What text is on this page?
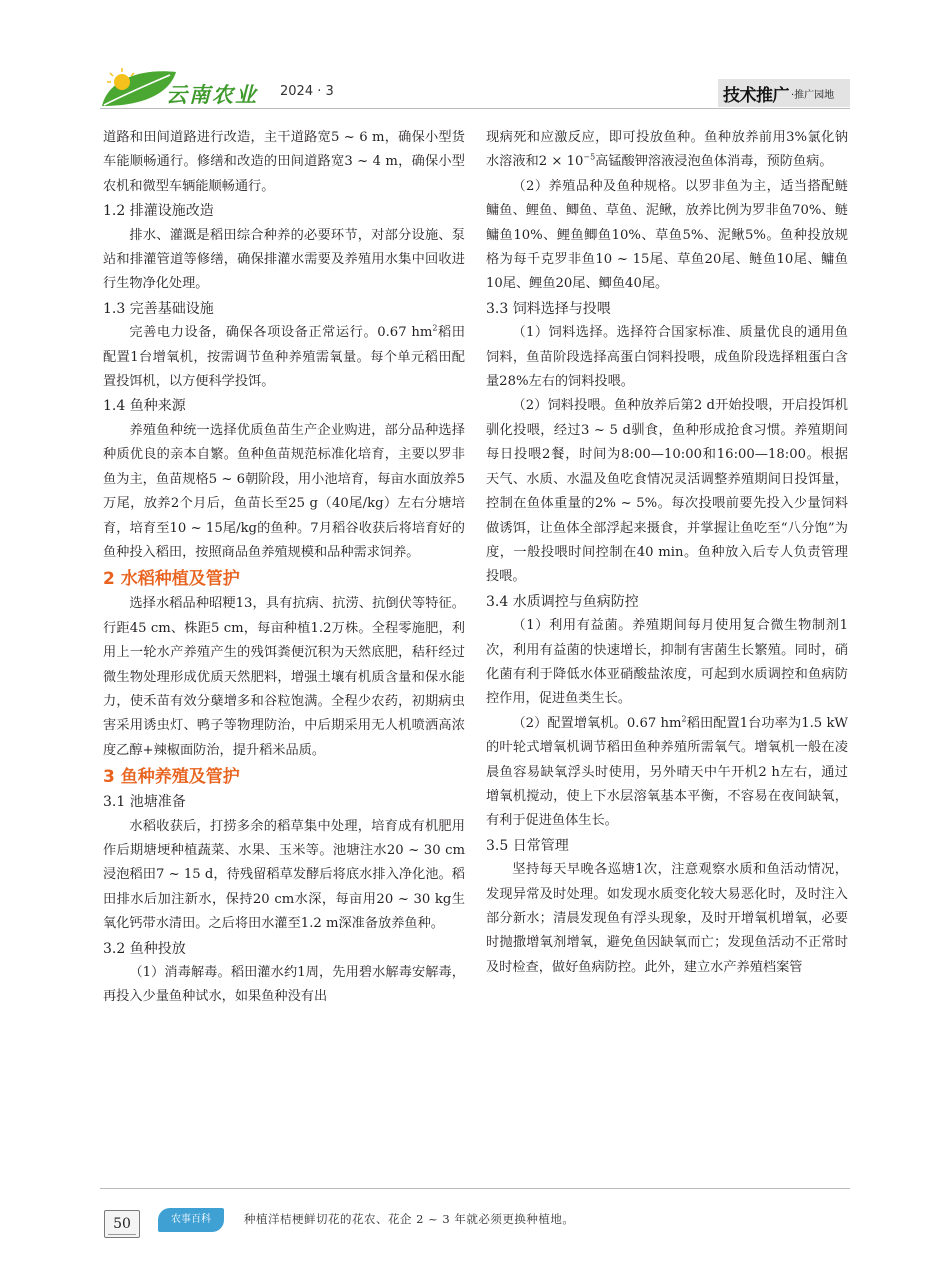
云南农业 2024 · 3	技术推广 ·推广园地

道路和田间道路进行改造，主干道路宽5 ~ 6 m，确保小型货车能顺畅通行。修缮和改造的田间道路宽3 ~ 4 m，确保小型农机和微型车辆能顺畅通行。

1.2 排灌设施改造

排水、灌溉是稻田综合种养的必要环节，对部分设施、泵站和排灌管道等修缮，确保排灌水需要及养殖用水集中回收进行生物净化处理。

1.3 完善基础设施

完善电力设备，确保各项设备正常运行。0.67 $hm^2$稻田配置1台增氧机，按需调节鱼种养殖需氧量。每个单元稻田配置投饵机，以方便科学投饵。

1.4 鱼种来源

养殖鱼种统一选择优质鱼苗生产企业购进，部分品种选择种质优良的亲本自繁。鱼种鱼苗规范标准化培育，主要以罗非鱼为主，鱼苗规格5 ~ 6朝阶段，用小池培育，每亩水面放养5万尾，放养2个月后，鱼苗长至25 g（40尾/kg）左右分塘培育，培育至10 ~ 15尾/kg的鱼种。7月稻谷收获后将培育好的鱼种投入稻田，按照商品鱼养殖规模和品种需求饲养。

2 水稻种植及管护

选择水稻品种昭粳13，具有抗病、抗涝、抗倒伏等特征。行距45 cm、株距5 cm，每亩种植1.2万株。全程零施肥，利用上一轮水产养殖产生的残饵粪便沉积为天然底肥，秸秆经过微生物处理形成优质天然肥料，增强土壤有机质含量和保水能力，使禾苗有效分蘖增多和谷粒饱满。全程少农药，初期病虫害采用诱虫灯、鸭子等物理防治，中后期采用无人机喷洒高浓度乙醇+辣椒面防治，提升稻米品质。

3 鱼种养殖及管护
3.1 池塘准备

水稻收获后，打捞多余的稻草集中处理，培育成有机肥用作后期塘埂种植蔬菜、水果、玉米等。池塘注水20 ~ 30 cm浸泡稻田7 ~ 15 d，待残留稻草发酵后将底水排入净化池。稻田排水后加注新水，保持20 cm水深，每亩用20 ~ 30 kg生氧化钙带水清田。之后将田水灌至1.2 m深准备放养鱼种。

3.2 鱼种投放

（1）消毒解毒。稻田灌水约1周，先用碧水解毒安解毒，再投入少量鱼种试水，如果鱼种没有出

现病死和应激反应，即可投放鱼种。鱼种放养前用3%氯化钠水溶液和$2 \times 10^{-5}$高锰酸钾溶液浸泡鱼体消毒，预防鱼病。

（2）养殖品种及鱼种规格。以罗非鱼为主，适当搭配鲢鳙鱼、鲤鱼、鲫鱼、草鱼、泥鳅，放养比例为罗非鱼70%、鲢鳙鱼10%、鲤鱼鲫鱼10%、草鱼5%、泥鳅5%。鱼种投放规格为每千克罗非鱼10 ~ 15尾、草鱼20尾、鲢鱼10尾、鳙鱼10尾、鲤鱼20尾、鲫鱼40尾。

3.3 饲料选择与投喂

（1）饲料选择。选择符合国家标准、质量优良的通用鱼饲料，鱼苗阶段选择高蛋白饲料投喂，成鱼阶段选择粗蛋白含量28%左右的饲料投喂。

（2）饲料投喂。鱼种放养后第2 d开始投喂，开启投饵机驯化投喂，经过3 ~ 5 d驯食，鱼种形成抢食习惯。养殖期间每日投喂2餐，时间为8:00—10:00和16:00—18:00。根据天气、水质、水温及鱼吃食情况灵活调整养殖期间日投饵量，控制在鱼体重量的2% ~ 5%。每次投喂前要先投入少量饲料做诱饵，让鱼体全部浮起来摄食，并掌握让鱼吃至“八分饱”为度，一般投喂时间控制在40 min。鱼种放入后专人负责管理投喂。

3.4 水质调控与鱼病防控

（1）利用有益菌。养殖期间每月使用复合微生物制剂1次，利用有益菌的快速增长，抑制有害菌生长繁殖。同时，硝化菌有利于降低水体亚硝酸盐浓度，可起到水质调控和鱼病防控作用，促进鱼类生长。

（2）配置增氧机。0.67 $hm^2$稻田配置1台功率为1.5 kW的叶轮式增氧机调节稻田鱼种养殖所需氧气。增氧机一般在凌晨鱼容易缺氧浮头时使用，另外晴天中午开机2 h左右，通过增氧机搅动，使上下水层溶氧基本平衡，不容易在夜间缺氧，有利于促进鱼体生长。

3.5 日常管理

坚持每天早晚各巡塘1次，注意观察水质和鱼活动情况，发现异常及时处理。如发现水质变化较大易恶化时，及时注入部分新水；清晨发现鱼有浮头现象，及时开增氧机增氧，必要时抛撒增氧剂增氧，避免鱼因缺氧而亡；发现鱼活动不正常时及时检查，做好鱼病防控。此外，建立水产养殖档案管

50	农事百科	种植洋桔梗鲜切花的花农、花企 2 ~ 3 年就必须更换种植地。
